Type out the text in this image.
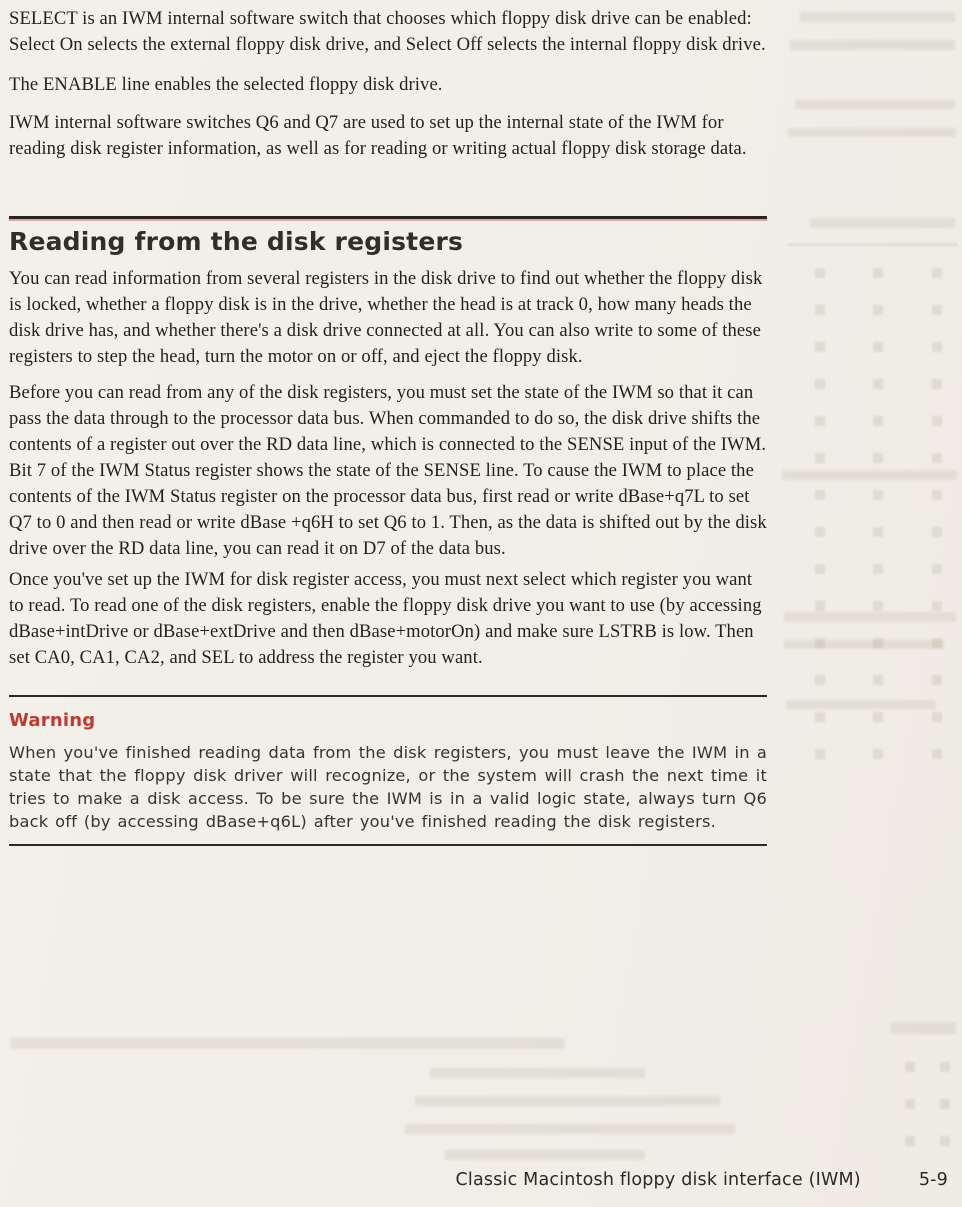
SELECT is an IWM internal software switch that chooses which floppy disk drive can be enabled: Select On selects the external floppy disk drive, and Select Off selects the internal floppy disk drive.

The ENABLE line enables the selected floppy disk drive.

IWM internal software switches Q6 and Q7 are used to set up the internal state of the IWM for reading disk register information, as well as for reading or writing actual floppy disk storage data.

Reading from the disk registers

You can read information from several registers in the disk drive to find out whether the floppy disk is locked, whether a floppy disk is in the drive, whether the head is at track 0, how many heads the disk drive has, and whether there's a disk drive connected at all. You can also write to some of these registers to step the head, turn the motor on or off, and eject the floppy disk.

Before you can read from any of the disk registers, you must set the state of the IWM so that it can pass the data through to the processor data bus. When commanded to do so, the disk drive shifts the contents of a register out over the RD data line, which is connected to the SENSE input of the IWM. Bit 7 of the IWM Status register shows the state of the SENSE line. To cause the IWM to place the contents of the IWM Status register on the processor data bus, first read or write dBase+q7L to set Q7 to 0 and then read or write dBase +q6H to set Q6 to 1. Then, as the data is shifted out by the disk drive over the RD data line, you can read it on D7 of the data bus.

Once you've set up the IWM for disk register access, you must next select which register you want to read. To read one of the disk registers, enable the floppy disk drive you want to use (by accessing dBase+intDrive or dBase+extDrive and then dBase+motorOn) and make sure LSTRB is low. Then set CA0, CA1, CA2, and SEL to address the register you want.

Warning

When you've finished reading data from the disk registers, you must leave the IWM in a state that the floppy disk driver will recognize, or the system will crash the next time it tries to make a disk access. To be sure the IWM is in a valid logic state, always turn Q6 back off (by accessing dBase+q6L) after you've finished reading the disk registers.

Classic Macintosh floppy disk interface (IWM)	5-9
